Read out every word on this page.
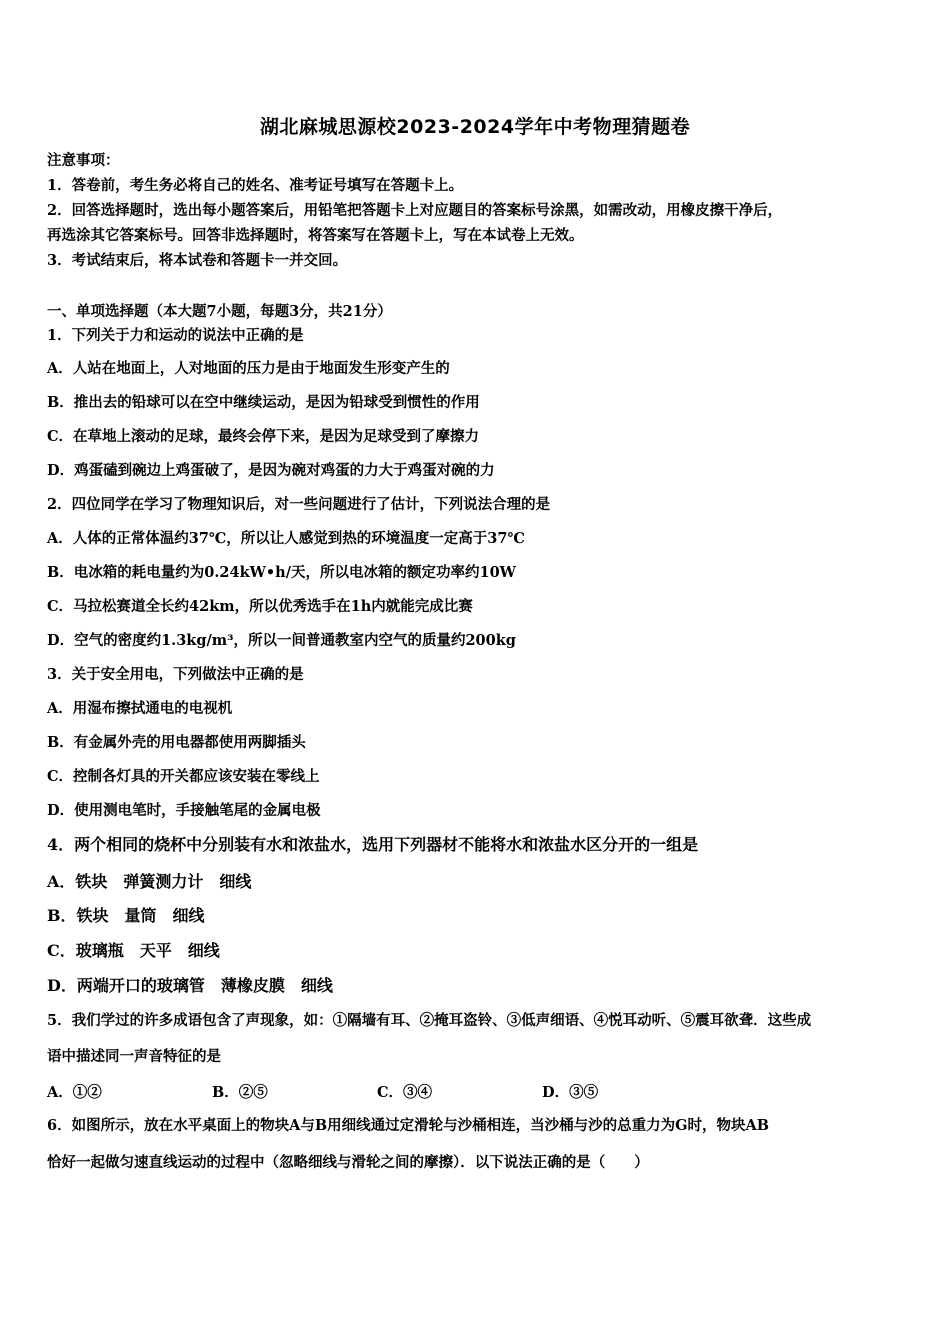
湖北麻城思源校2023-2024学年中考物理猜题卷
注意事项：
1．答卷前，考生务必将自己的姓名、准考证号填写在答题卡上。
2．回答选择题时，选出每小题答案后，用铅笔把答题卡上对应题目的答案标号涂黑，如需改动，用橡皮擦干净后，
再选涂其它答案标号。回答非选择题时，将答案写在答题卡上，写在本试卷上无效。
3．考试结束后，将本试卷和答题卡一并交回。
一、单项选择题（本大题7小题，每题3分，共21分）
1．下列关于力和运动的说法中正确的是
A．人站在地面上，人对地面的压力是由于地面发生形变产生的
B．推出去的铅球可以在空中继续运动，是因为铅球受到惯性的作用
C．在草地上滚动的足球，最终会停下来，是因为足球受到了摩擦力
D．鸡蛋磕到碗边上鸡蛋破了，是因为碗对鸡蛋的力大于鸡蛋对碗的力
2．四位同学在学习了物理知识后，对一些问题进行了估计，下列说法合理的是
A．人体的正常体温约37℃，所以让人感觉到热的环境温度一定高于37℃
B．电冰箱的耗电量约为0.24kW•h/天，所以电冰箱的额定功率约10W
C．马拉松赛道全长约42km，所以优秀选手在1h内就能完成比赛
D．空气的密度约1.3kg/m³，所以一间普通教室内空气的质量约200kg
3．关于安全用电，下列做法中正确的是
A．用湿布擦拭通电的电视机
B．有金属外壳的用电器都使用两脚插头
C．控制各灯具的开关都应该安装在零线上
D．使用测电笔时，手接触笔尾的金属电极
4．两个相同的烧杯中分别装有水和浓盐水，选用下列器材不能将水和浓盐水区分开的一组是
A．铁块　弹簧测力计　细线
B．铁块　量筒　细线
C．玻璃瓶　天平　细线
D．两端开口的玻璃管　薄橡皮膜　细线
5．我们学过的许多成语包含了声现象，如：①隔墙有耳、②掩耳盗铃、③低声细语、④悦耳动听、⑤震耳欲聋．这些成
语中描述同一声音特征的是
A．①②	B．②⑤	C．③④	D．③⑤
6．如图所示，放在水平桌面上的物块A与B用细线通过定滑轮与沙桶相连，当沙桶与沙的总重力为G时，物块AB
恰好一起做匀速直线运动的过程中（忽略细线与滑轮之间的摩擦）．以下说法正确的是（　　）
